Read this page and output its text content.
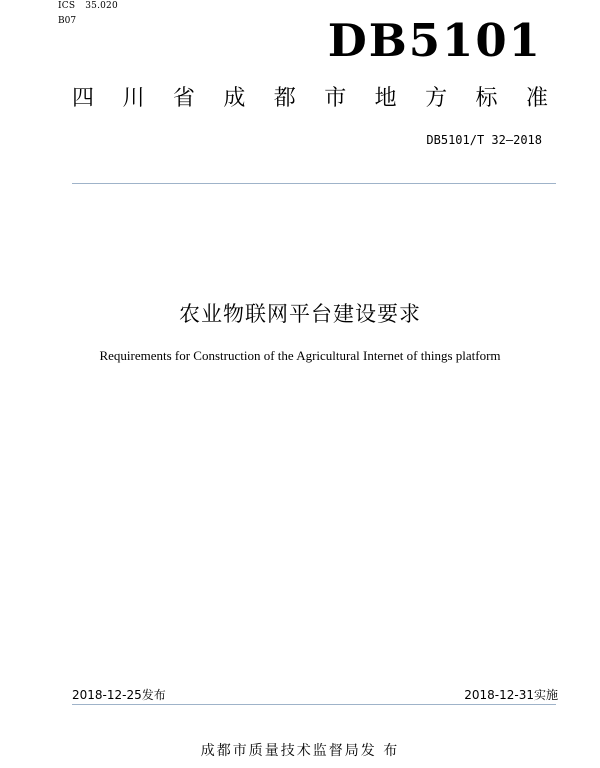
ICS 35.020
B07	DB5101
四 川 省 成 都 市 地 方 标 准
DB5101/T 32—2018
农业物联网平台建设要求
Requirements for Construction of the Agricultural Internet of things platform
2018-12-25发布	2018-12-31实施
成都市质量技术监督局发 布
